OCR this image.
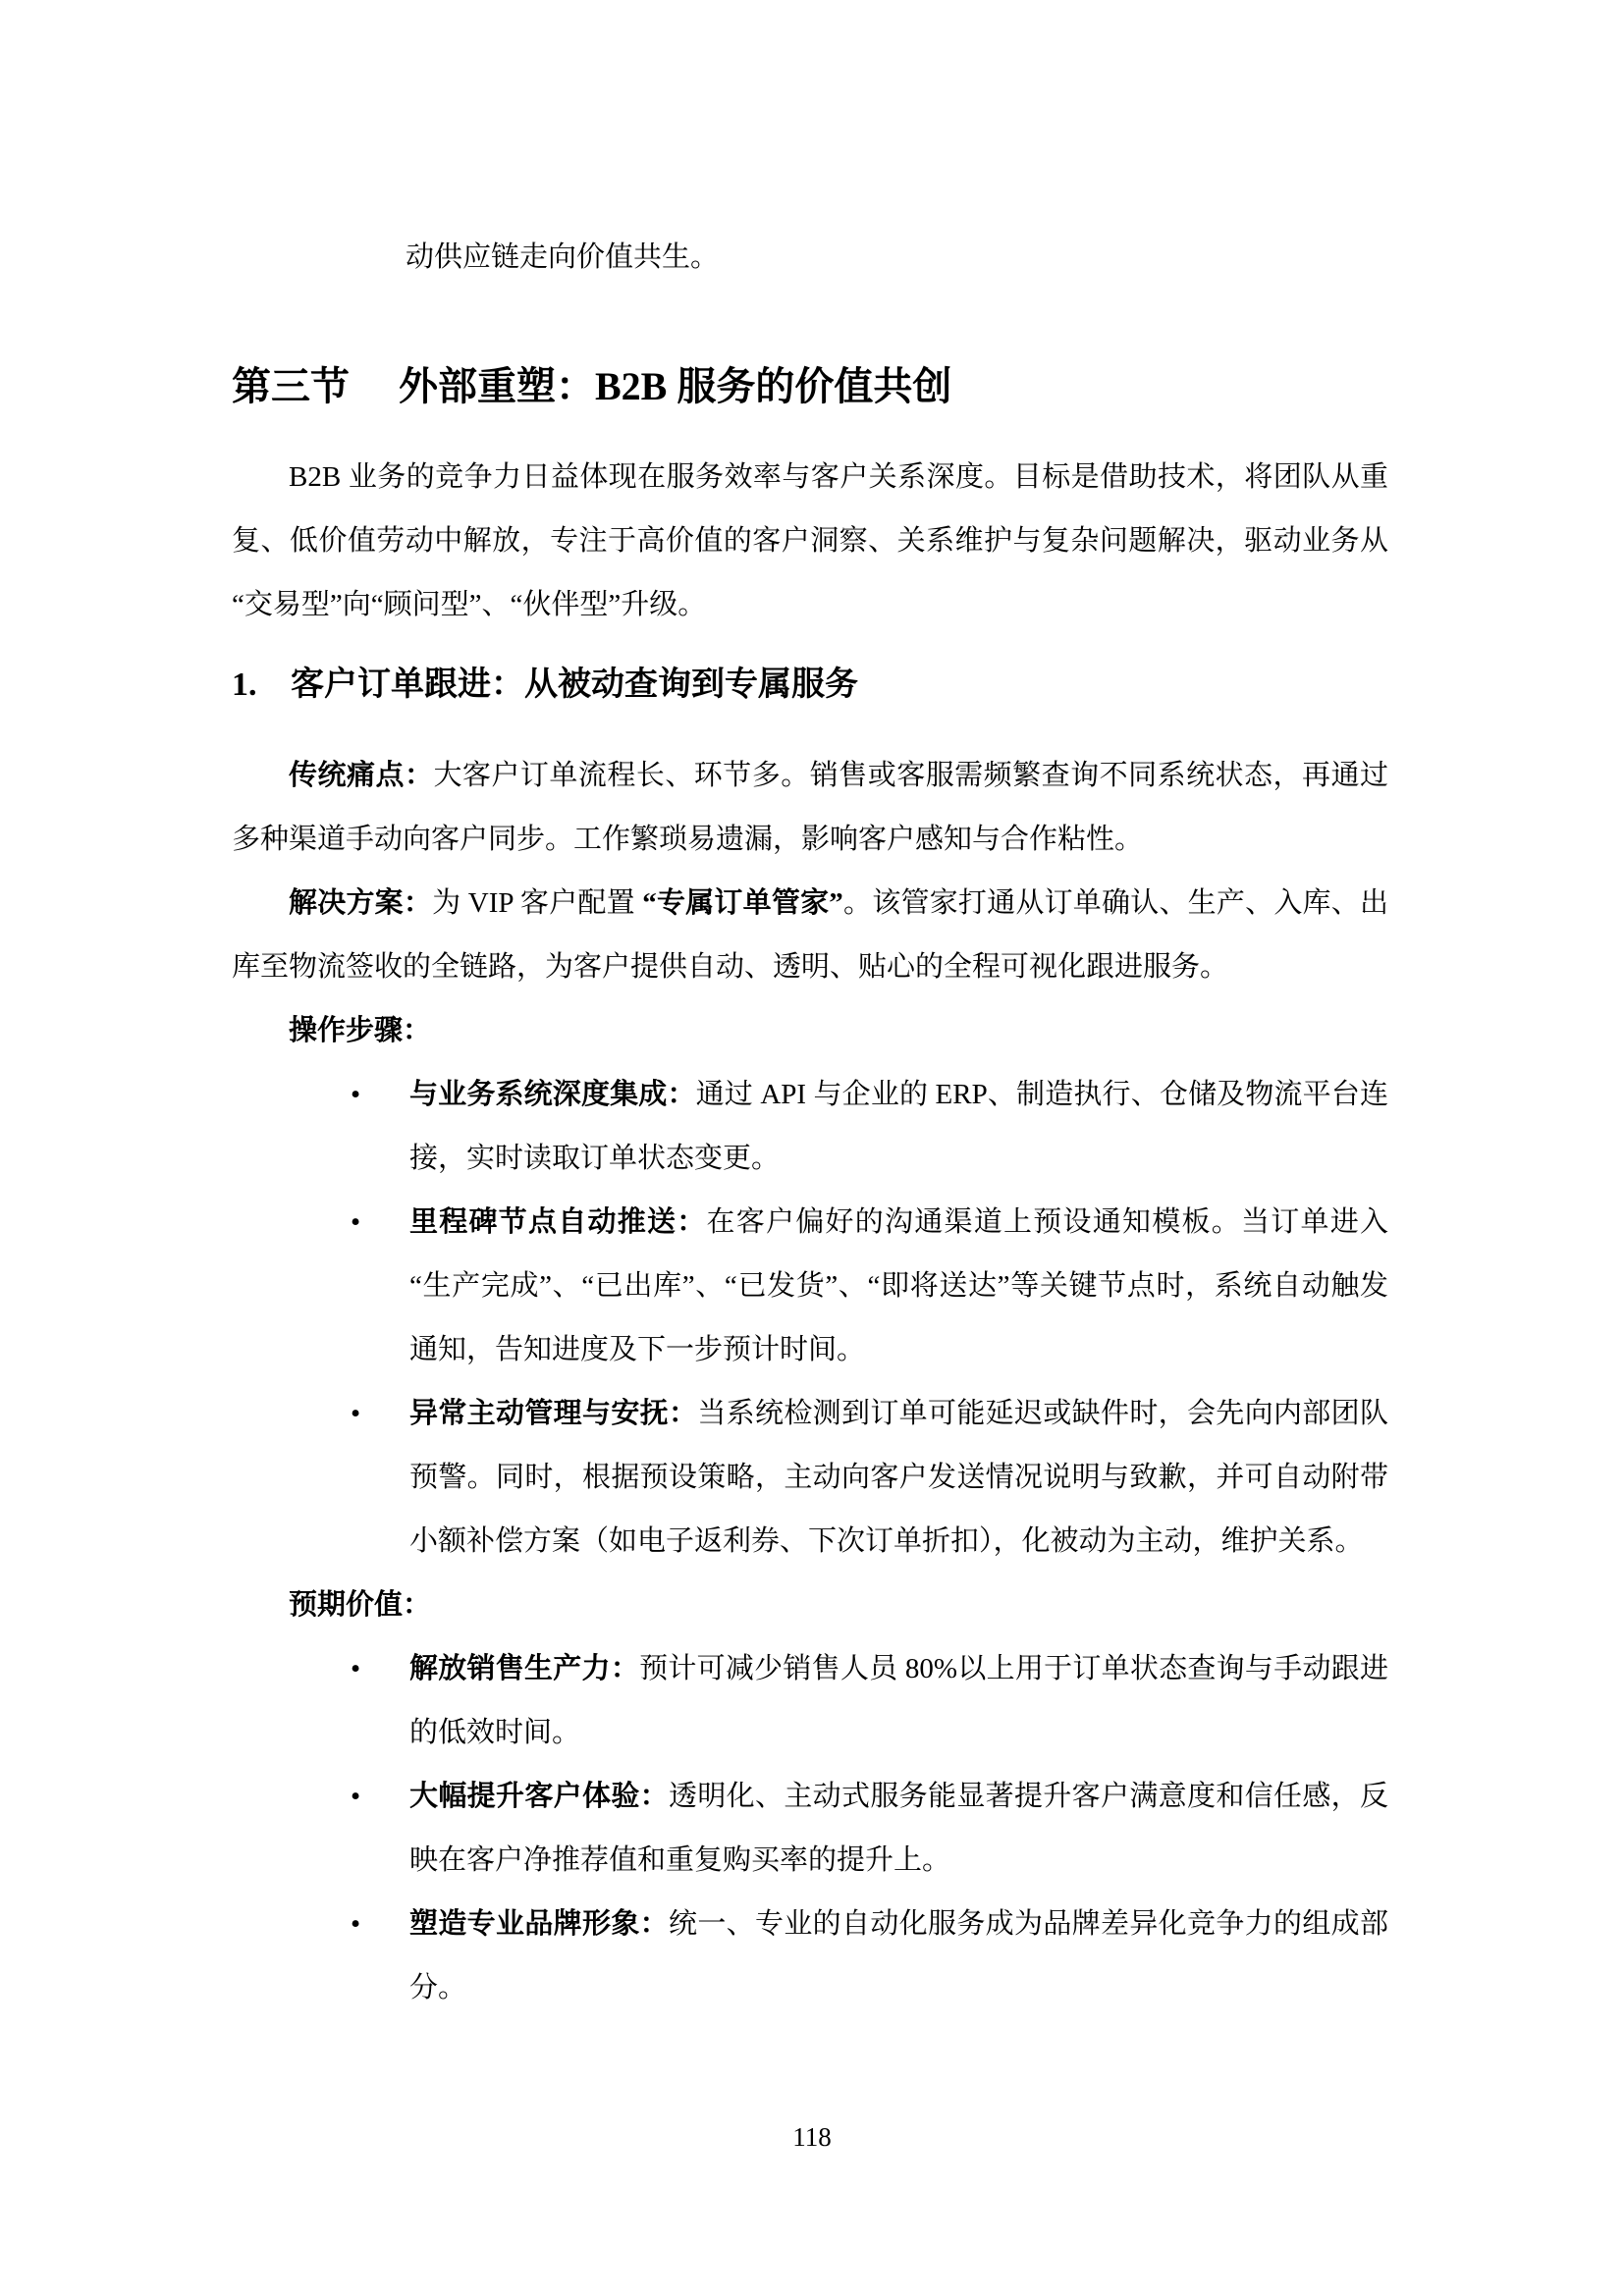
动供应链走向价值共生。

第三节 外部重塑：B2B 服务的价值共创

B2B 业务的竞争力日益体现在服务效率与客户关系深度。目标是借助技术，将团队从重复、低价值劳动中解放，专注于高价值的客户洞察、关系维护与复杂问题解决，驱动业务从“交易型”向“顾问型”、“伙伴型”升级。

1. 客户订单跟进：从被动查询到专属服务

传统痛点：大客户订单流程长、环节多。销售或客服需频繁查询不同系统状态，再通过多种渠道手动向客户同步。工作繁琐易遗漏，影响客户感知与合作粘性。

解决方案：为 VIP 客户配置 “专属订单管家”。该管家打通从订单确认、生产、入库、出库至物流签收的全链路，为客户提供自动、透明、贴心的全程可视化跟进服务。

操作步骤：

• 与业务系统深度集成：通过 API 与企业的 ERP、制造执行、仓储及物流平台连接，实时读取订单状态变更。
• 里程碑节点自动推送：在客户偏好的沟通渠道上预设通知模板。当订单进入“生产完成”、“已出库”、“已发货”、“即将送达”等关键节点时，系统自动触发通知，告知进度及下一步预计时间。
• 异常主动管理与安抚：当系统检测到订单可能延迟或缺件时，会先向内部团队预警。同时，根据预设策略，主动向客户发送情况说明与致歉，并可自动附带小额补偿方案（如电子返利券、下次订单折扣），化被动为主动，维护关系。

预期价值：

• 解放销售生产力：预计可减少销售人员 80%以上用于订单状态查询与手动跟进的低效时间。
• 大幅提升客户体验：透明化、主动式服务能显著提升客户满意度和信任感，反映在客户净推荐值和重复购买率的提升上。
• 塑造专业品牌形象：统一、专业的自动化服务成为品牌差异化竞争力的组成部分。
118
